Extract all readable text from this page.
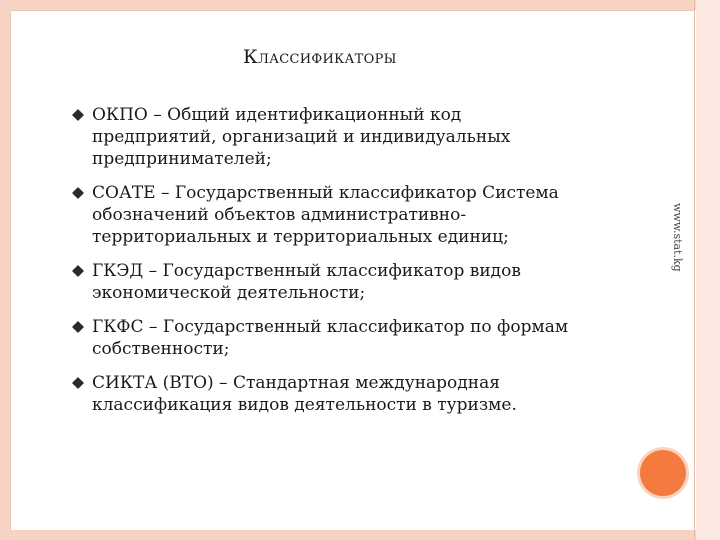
Классификаторы
ОКПО – Общий идентификационный код
предприятий, организаций и индивидуальных
предпринимателей;
СОАТЕ – Государственный классификатор Система
обозначений объектов административно-
территориальных и территориальных единиц;
ГКЭД – Государственный классификатор видов
экономической деятельности;
ГКФС – Государственный классификатор по формам
собственности;
СИКТА (ВТО) – Стандартная международная
классификация видов деятельности в туризме.
www.stat.kg
